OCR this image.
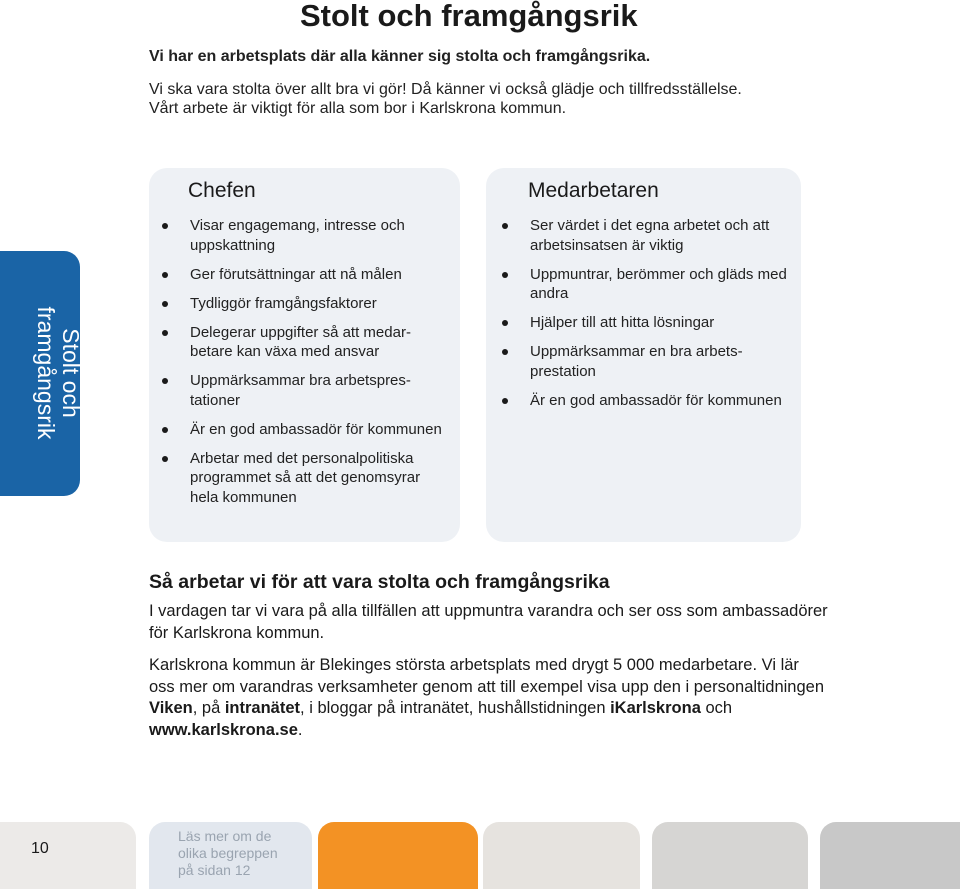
Stolt och framgångsrik

Vi har en arbetsplats där alla känner sig stolta och framgångsrika.

Vi ska vara stolta över allt bra vi gör! Då känner vi också glädje och tillfredsställelse.

Vårt arbete är viktigt för alla som bor i Karlskrona kommun.

Stolt och
framgångsrik
Chefen
Visar engagemang, intresse och uppskattning
Ger förutsättningar att nå målen
Tydliggör framgångsfaktorer
Delegerar uppgifter så att medarbetare kan växa med ansvar
Uppmärksammar bra arbetsprestationer
Är en god ambassadör för kommunen
Arbetar med det personalpolitiska programmet så att det genomsyrar hela kommunen
Medarbetaren
Ser värdet i det egna arbetet och att arbetsinsatsen är viktig
Uppmuntrar, berömmer och gläds med andra
Hjälper till att hitta lösningar
Uppmärksammar en bra arbetsprestation
Är en god ambassadör för kommunen
Så arbetar vi för att vara stolta och framgångsrika

I vardagen tar vi vara på alla tillfällen att uppmuntra varandra och ser oss som ambassadörer för Karlskrona kommun.

Karlskrona kommun är Blekinges största arbetsplats med drygt 5 000 medarbetare. Vi lär oss mer om varandras verksamheter genom att till exempel visa upp den i personaltidningen Viken, på intranätet, i bloggar på intranätet, hushållstidningen iKarlskrona och www.karlskrona.se.

10
Läs mer om de
olika begreppen
på sidan 12
